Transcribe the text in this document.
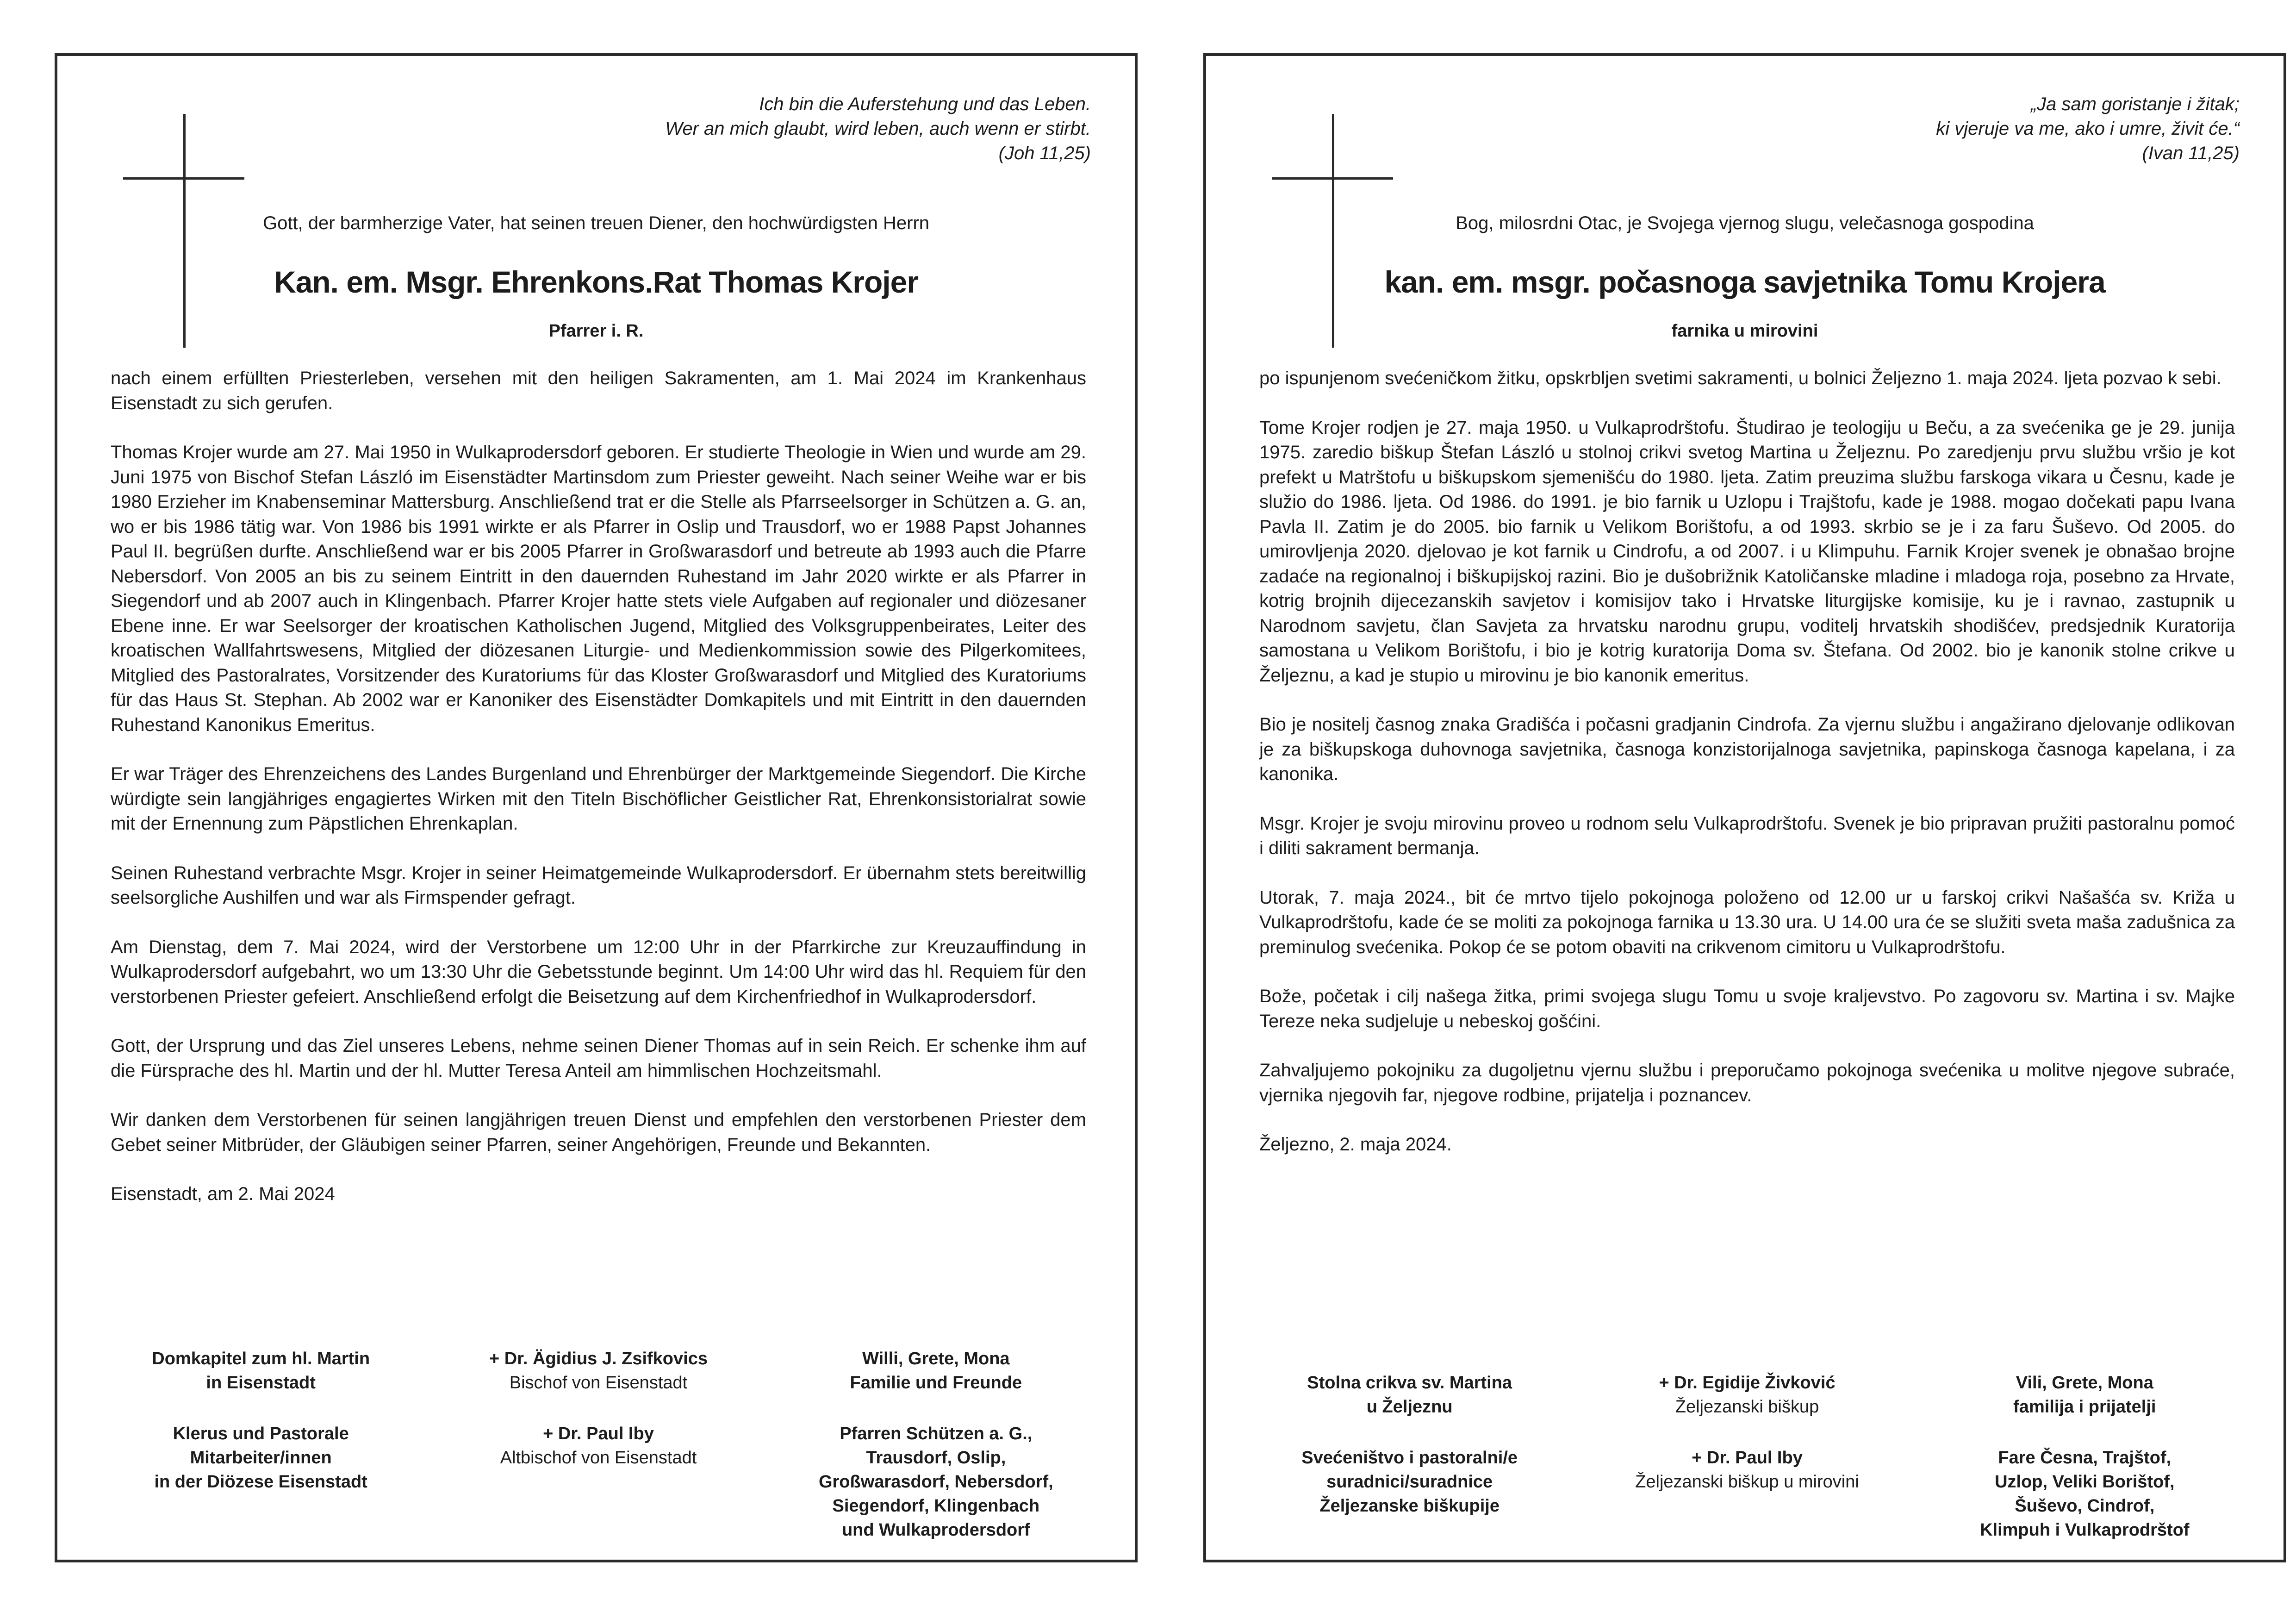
Ich bin die Auferstehung und das Leben.
Wer an mich glaubt, wird leben, auch wenn er stirbt.
(Joh 11,25)
Gott, der barmherzige Vater, hat seinen treuen Diener, den hochwürdigsten Herrn
Kan. em. Msgr. Ehrenkons.Rat Thomas Krojer
Pfarrer i. R.

nach einem erfüllten Priesterleben, versehen mit den heiligen Sakramenten, am 1. Mai 2024 im Krankenhaus Eisenstadt zu sich gerufen.

Thomas Krojer wurde am 27. Mai 1950 in Wulkaprodersdorf geboren. Er studierte Theologie in Wien und wurde am 29. Juni 1975 von Bischof Stefan László im Eisenstädter Martinsdom zum Priester geweiht. Nach seiner Weihe war er bis 1980 Erzieher im Knabenseminar Mattersburg. Anschließend trat er die Stelle als Pfarrseelsorger in Schützen a. G. an, wo er bis 1986 tätig war. Von 1986 bis 1991 wirkte er als Pfarrer in Oslip und Trausdorf, wo er 1988 Papst Johannes Paul II. begrüßen durfte. Anschließend war er bis 2005 Pfarrer in Großwarasdorf und betreute ab 1993 auch die Pfarre Nebersdorf. Von 2005 an bis zu seinem Eintritt in den dauernden Ruhestand im Jahr 2020 wirkte er als Pfarrer in Siegendorf und ab 2007 auch in Klingenbach. Pfarrer Krojer hatte stets viele Aufgaben auf regionaler und diözesaner Ebene inne. Er war Seelsorger der kroatischen Katholischen Jugend, Mitglied des Volksgruppenbeirates, Leiter des kroatischen Wallfahrtswesens, Mitglied der diözesanen Liturgie- und Medienkommission sowie des Pilgerkomitees, Mitglied des Pastoralrates, Vorsitzender des Kuratoriums für das Kloster Großwarasdorf und Mitglied des Kuratoriums für das Haus St. Stephan. Ab 2002 war er Kanoniker des Eisenstädter Domkapitels und mit Eintritt in den dauernden Ruhestand Kanonikus Emeritus.

Er war Träger des Ehrenzeichens des Landes Burgenland und Ehrenbürger der Marktgemeinde Siegendorf. Die Kirche würdigte sein langjähriges engagiertes Wirken mit den Titeln Bischöflicher Geistlicher Rat, Ehrenkonsistorialrat sowie mit der Ernennung zum Päpstlichen Ehrenkaplan.

Seinen Ruhestand verbrachte Msgr. Krojer in seiner Heimatgemeinde Wulkaprodersdorf. Er übernahm stets bereitwillig seelsorgliche Aushilfen und war als Firmspender gefragt.

Am Dienstag, dem 7. Mai 2024, wird der Verstorbene um 12:00 Uhr in der Pfarrkirche zur Kreuzauffindung in Wulkaprodersdorf aufgebahrt, wo um 13:30 Uhr die Gebetsstunde beginnt. Um 14:00 Uhr wird das hl. Requiem für den verstorbenen Priester gefeiert. Anschließend erfolgt die Beisetzung auf dem Kirchenfriedhof in Wulkaprodersdorf.

Gott, der Ursprung und das Ziel unseres Lebens, nehme seinen Diener Thomas auf in sein Reich. Er schenke ihm auf die Fürsprache des hl. Martin und der hl. Mutter Teresa Anteil am himmlischen Hochzeitsmahl.

Wir danken dem Verstorbenen für seinen langjährigen treuen Dienst und empfehlen den verstorbenen Priester dem Gebet seiner Mitbrüder, der Gläubigen seiner Pfarren, seiner Angehörigen, Freunde und Bekannten.

Eisenstadt, am 2. Mai 2024

Domkapitel zum hl. Martin
in Eisenstadt
+ Dr. Ägidius J. Zsifkovics
Bischof von Eisenstadt
Willi, Grete, Mona
Familie und Freunde
Klerus und Pastorale
Mitarbeiter/innen
in der Diözese Eisenstadt
+ Dr. Paul Iby
Altbischof von Eisenstadt
Pfarren Schützen a. G.,
Trausdorf, Oslip,
Großwarasdorf, Nebersdorf,
Siegendorf, Klingenbach
und Wulkaprodersdorf
„Ja sam goristanje i žitak;
ki vjeruje va me, ako i umre, živit će.“
(Ivan 11,25)
Bog, milosrdni Otac, je Svojega vjernog slugu, velečasnoga gospodina
kan. em. msgr. počasnoga savjetnika Tomu Krojera
farnika u mirovini

po ispunjenom svećeničkom žitku, opskrbljen svetimi sakramenti, u bolnici Željezno 1. maja 2024. ljeta pozvao k sebi.

Tome Krojer rodjen je 27. maja 1950. u Vulkaprodrštofu. Študirao je teologiju u Beču, a za svećenika ge je 29. junija 1975. zaredio biškup Štefan László u stolnoj crikvi svetog Martina u Željeznu. Po zaredjenju prvu službu vršio je kot prefekt u Matrštofu u biškupskom sjemenišću do 1980. ljeta. Zatim preuzima službu farskoga vikara u Česnu, kade je služio do 1986. ljeta. Od 1986. do 1991. je bio farnik u Uzlopu i Trajštofu, kade je 1988. mogao dočekati papu Ivana Pavla II. Zatim je do 2005. bio farnik u Velikom Borištofu, a od 1993. skrbio se je i za faru Šuševo. Od 2005. do umirovljenja 2020. djelovao je kot farnik u Cindrofu, a od 2007. i u Klimpuhu. Farnik Krojer svenek je obnašao brojne zadaće na regionalnoj i biškupijskoj razini. Bio je dušobrižnik Katoličanske mladine i mladoga roja, posebno za Hrvate, kotrig brojnih dijecezanskih savjetov i komisijov tako i Hrvatske liturgijske komisije, ku je i ravnao, zastupnik u Narodnom savjetu, član Savjeta za hrvatsku narodnu grupu, voditelj hrvatskih shodišćev, predsjednik Kuratorija samostana u Velikom Borištofu, i bio je kotrig kuratorija Doma sv. Štefana. Od 2002. bio je kanonik stolne crikve u Željeznu, a kad je stupio u mirovinu je bio kanonik emeritus.

Bio je nositelj časnog znaka Gradišća i počasni gradjanin Cindrofa. Za vjernu službu i angažirano djelovanje odlikovan je za biškupskoga duhovnoga savjetnika, časnoga konzistorijalnoga savjetnika, papinskoga časnoga kapelana, i za kanonika.

Msgr. Krojer je svoju mirovinu proveo u rodnom selu Vulkaprodrštofu. Svenek je bio pripravan pružiti pastoralnu pomoć i diliti sakrament bermanja.

Utorak, 7. maja 2024., bit će mrtvo tijelo pokojnoga položeno od 12.00 ur u farskoj crikvi Našašća sv. Križa u Vulkaprodrštofu, kade će se moliti za pokojnoga farnika u 13.30 ura. U 14.00 ura će se služiti sveta maša zadušnica za preminulog svećenika. Pokop će se potom obaviti na crikvenom cimitoru u Vulkaprodrštofu.

Bože, početak i cilj našega žitka, primi svojega slugu Tomu u svoje kraljevstvo. Po zagovoru sv. Martina i sv. Majke Tereze neka sudjeluje u nebeskoj gošćini.

Zahvaljujemo pokojniku za dugoljetnu vjernu službu i preporučamo pokojnoga svećenika u molitve njegove subraće, vjernika njegovih far, njegove rodbine, prijatelja i poznancev.

Željezno, 2. maja 2024.

Stolna crikva sv. Martina
u Željeznu
+ Dr. Egidije Živković
Željezanski biškup
Vili, Grete, Mona
familija i prijatelji
Svećeništvo i pastoralni/e
suradnici/suradnice
Željezanske biškupije
+ Dr. Paul Iby
Željezanski biškup u mirovini
Fare Česna, Trajštof,
Uzlop, Veliki Borištof,
Šuševo, Cindrof,
Klimpuh i Vulkaprodrštof
